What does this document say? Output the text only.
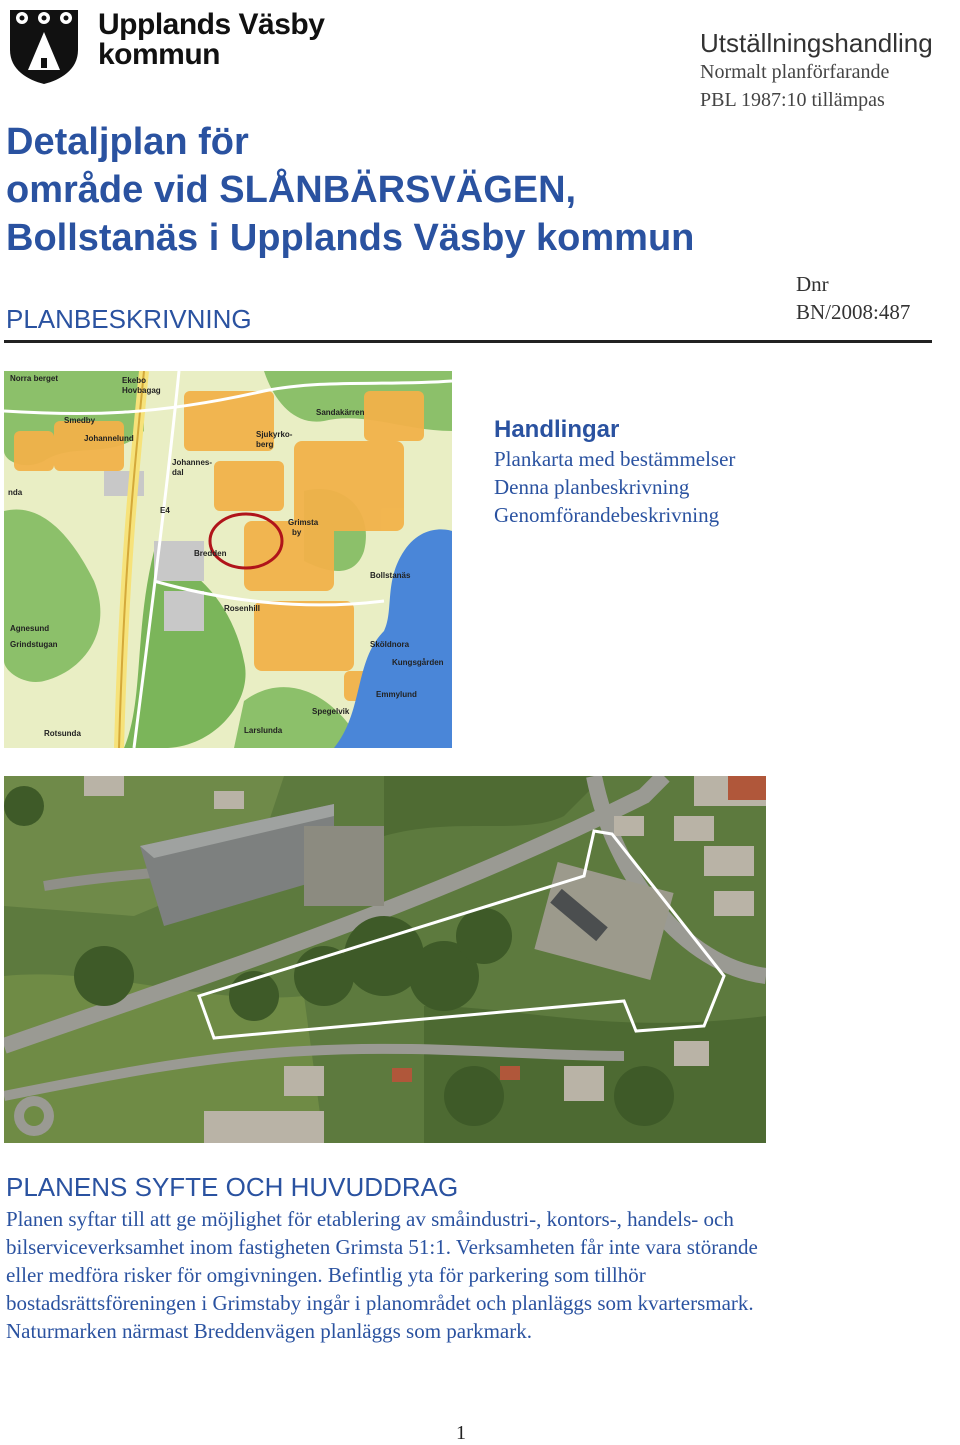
Upplands Väsby
kommun	Utställningshandling
Normalt planförfarande
PBL 1987:10 tillämpas
Detaljplan för
område vid SLÅNBÄRSVÄGEN,
Bollstanäs i Upplands Väsby kommun
PLANBESKRIVNING
Dnr
BN/2008:487
Norra berget	Ekebo
Hovbagag
Smedby
Johannelund
Johannes-
dal
Sjukyrko-
berg
Grimsta
by
Bollstanäs
E4
Bredden
Rosenhill
Agnesund
Grindstugan	Sköldnora
Kungsgården
Emmylund
Spegelvik
Rotsunda	Larslunda
Sandakärren
nda
Handlingar
Plankarta med bestämmelser
Denna planbeskrivning
Genomförandebeskrivning
PLANENS SYFTE OCH HUVUDDRAG
Planen syftar till att ge möjlighet för etablering av småindustri-, kontors-, handels- och
bilserviceverksamhet inom fastigheten Grimsta 51:1. Verksamheten får inte vara störande
eller medföra risker för omgivningen. Befintlig yta för parkering som tillhör
bostadsrättsföreningen i Grimstaby ingår i planområdet och planläggs som kvartersmark.
Naturmarken närmast Breddenvägen planläggs som parkmark.
1
